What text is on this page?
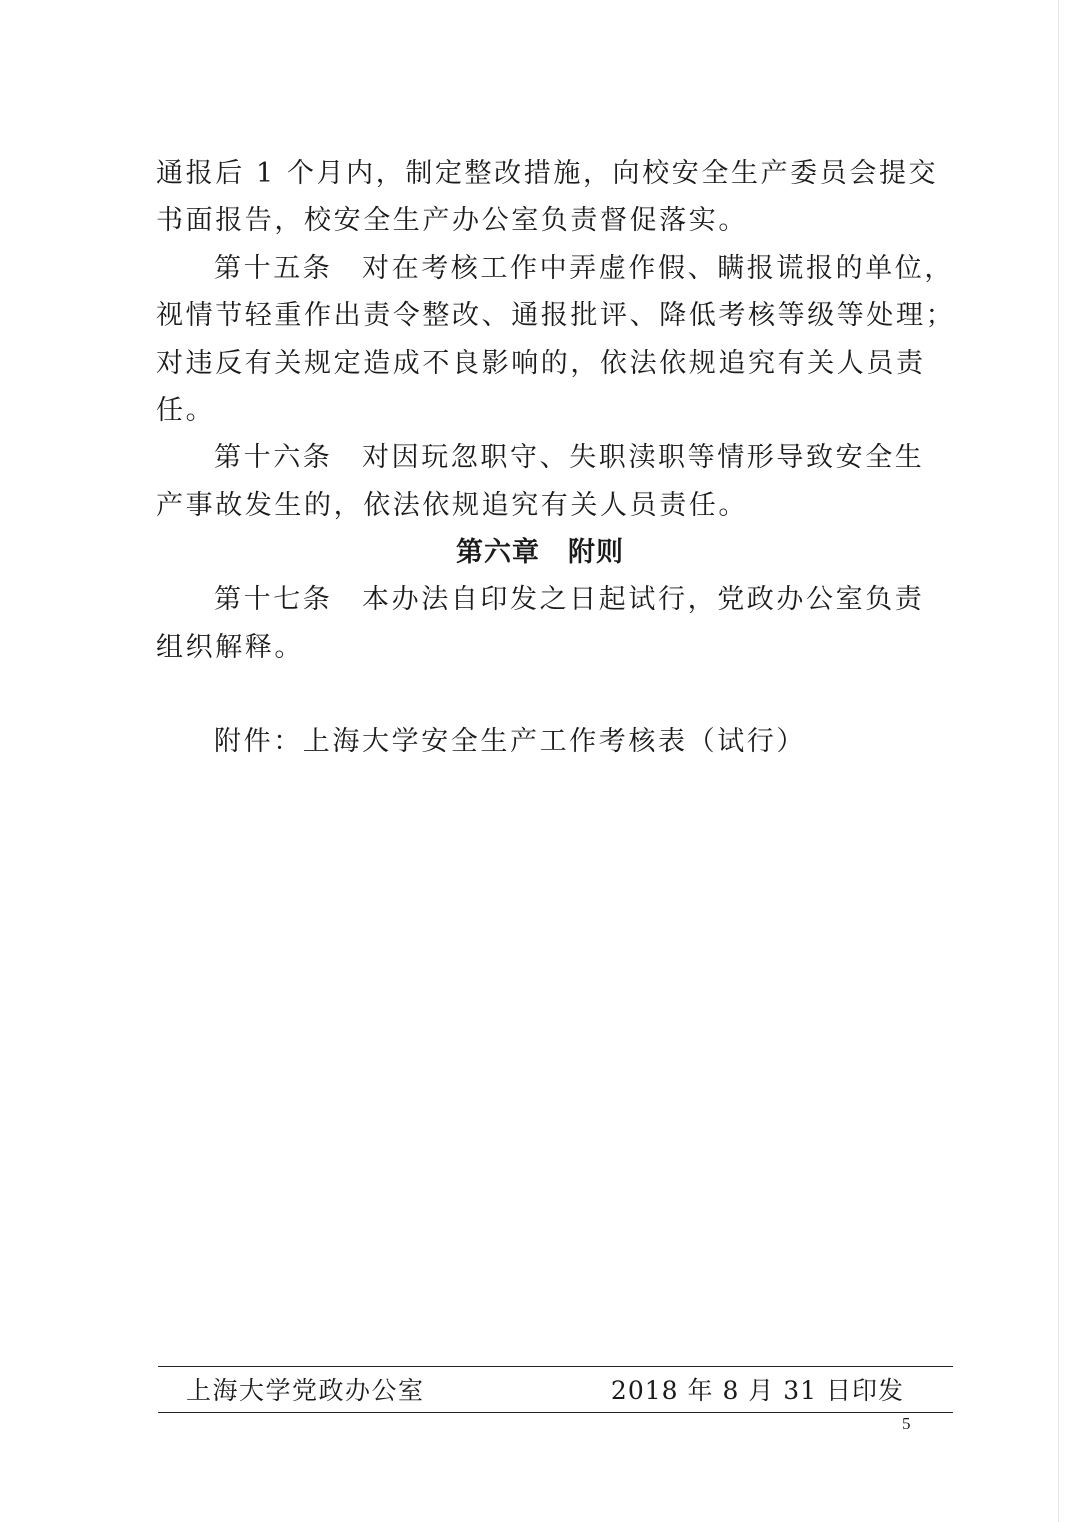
通报后 1 个月内，制定整改措施，向校安全生产委员会提交
书面报告，校安全生产办公室负责督促落实。
第十五条　对在考核工作中弄虚作假、瞒报谎报的单位，
视情节轻重作出责令整改、通报批评、降低考核等级等处理；
对违反有关规定造成不良影响的，依法依规追究有关人员责
任。
第十六条　对因玩忽职守、失职渎职等情形导致安全生
产事故发生的，依法依规追究有关人员责任。
第六章　附则
第十七条　本办法自印发之日起试行，党政办公室负责
组织解释。
附件：上海大学安全生产工作考核表（试行）
上海大学党政办公室	2018 年 8 月 31 日印发
5
